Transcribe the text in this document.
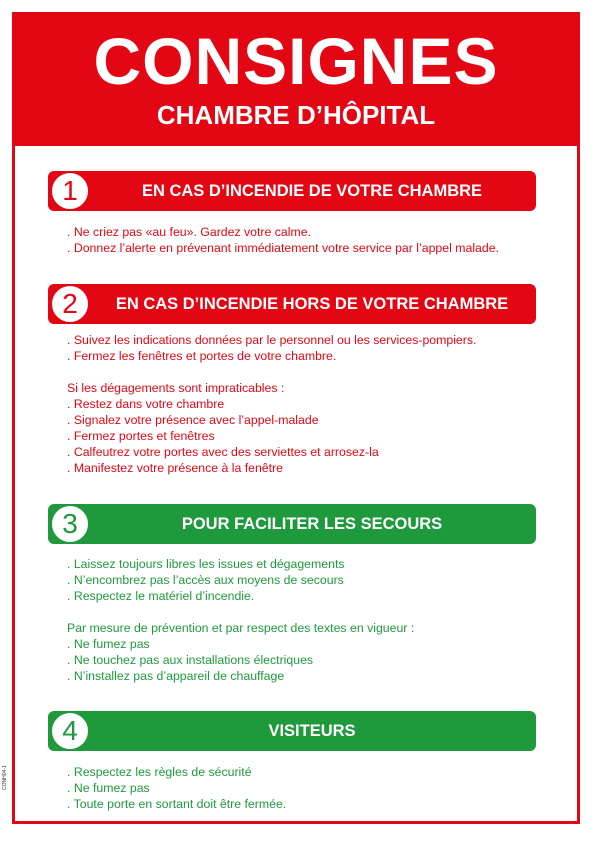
CONSIGNES
CHAMBRE D’HÔPITAL
1	EN CAS D’INCENDIE DE VOTRE CHAMBRE
. Ne criez pas «au feu». Gardez votre calme.
. Donnez l’alerte en prévenant immédiatement votre service par l’appel malade.
2	EN CAS D’INCENDIE HORS DE VOTRE CHAMBRE
. Suivez les indications données par le personnel ou les services-pompiers.
. Fermez les fenêtres et portes de votre chambre.
Si les dégagements sont impraticables :
. Restez dans votre chambre
. Signalez votre présence avec l’appel-malade
. Fermez portes et fenêtres
. Calfeutrez votre portes avec des serviettes et arrosez-la
. Manifestez votre présence à la fenêtre
3	POUR FACILITER LES SECOURS
. Laissez toujours libres les issues et dégagements
. N’encombrez pas l’accès aux moyens de secours
. Respectez le matériel d’incendie.
Par mesure de prévention et par respect des textes en vigueur :
. Ne fumez pas
. Ne touchez pas aux installations électriques
. N’installez pas d’appareil de chauffage
4	VISITEURS
. Respectez les règles de sécurité
. Ne fumez pas
. Toute porte en sortant doit être fermée.
CONH04-1
